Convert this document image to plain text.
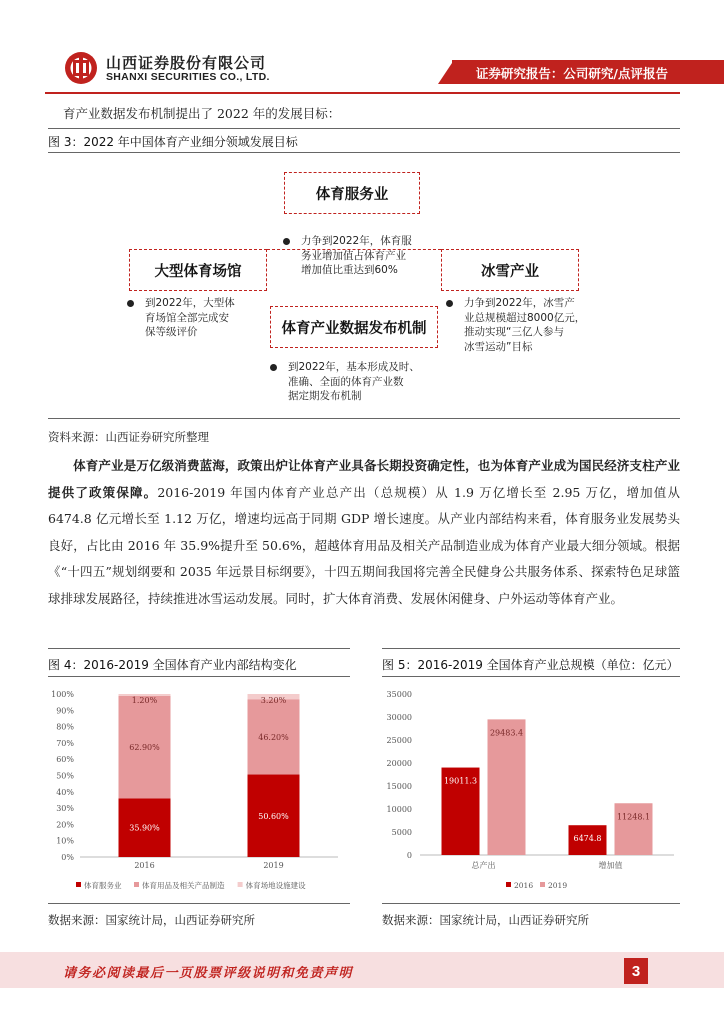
山西证券股份有限公司
SHANXI SECURITIES CO., LTD.	证券研究报告：公司研究/点评报告
育产业数据发布机制提出了 2022 年的发展目标：
图 3：2022 年中国体育产业细分领域发展目标
体育服务业
大型体育场馆	冰雪产业
体育产业数据发布机制
力争到2022年，体育服
务业增加值占体育产业
增加值比重达到60%
到2022年，大型体
育场馆全部完成安
保等级评价
力争到2022年，冰雪产
业总规模超过8000亿元，
推动实现“三亿人参与
冰雪运动”目标
到2022年，基本形成及时、
准确、全面的体育产业数
据定期发布机制
资料来源：山西证券研究所整理
  体育产业是万亿级消费蓝海，政策出炉让体育产业具备长期投资确定性，也为体育产业成为国民经济支柱产业提供了政策保障。2016-2019 年国内体育产业总产出（总规模）从 1.9 万亿增长至 2.95 万亿，增加值从 6474.8 亿元增长至 1.12 万亿，增速均远高于同期 GDP 增长速度。从产业内部结构来看，体育服务业发展势头良好，占比由 2016 年 35.9%提升至 50.6%，超越体育用品及相关产品制造业成为体育产业最大细分领域。根据《“十四五”规划纲要和 2035 年远景目标纲要》，十四五期间我国将完善全民健身公共服务体系、探索特色足球篮球排球发展路径，持续推进冰雪运动发展。同时，扩大体育消费、发展休闲健身、户外运动等体育产业。
图 4：2016-2019 全国体育产业内部结构变化	图 5：2016-2019 全国体育产业总规模（单位：亿元）
0%
10%
20%
30%
40%
50%
60%
70%
80%
90%
100%
35.90%
62.90%
1.20%
2016
50.60%
46.20%
3.20%
2019
体育服务业	体育用品及相关产品制造	体育场地设施建设
0
5000
10000
15000
20000
25000
30000
35000
19011.3
29483.4
总产出
6474.8
11248.1
增加值
2016 2019
数据来源：国家统计局，山西证券研究所	数据来源：国家统计局，山西证券研究所
请务必阅读最后一页股票评级说明和免责声明	3
